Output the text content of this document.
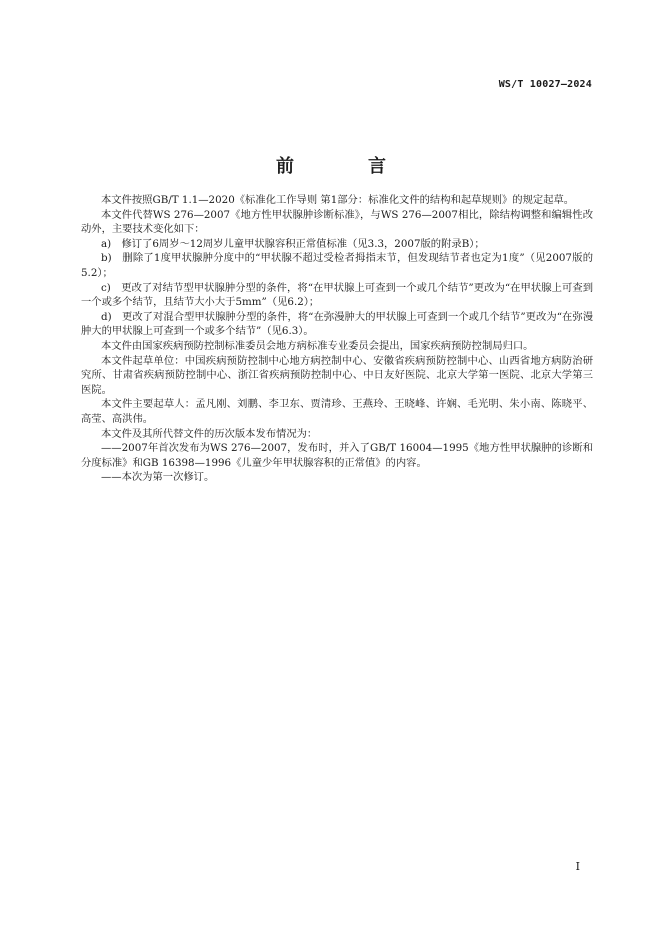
WS/T 10027—2024
前　言

本文件按照GB/T 1.1—2020《标准化工作导则 第1部分：标准化文件的结构和起草规则》的规定起草。

本文件代替WS 276—2007《地方性甲状腺肿诊断标准》，与WS 276—2007相比，除结构调整和编辑性改动外，主要技术变化如下：

a)　修订了6周岁～12周岁儿童甲状腺容积正常值标准（见3.3，2007版的附录B）；

b)　删除了1度甲状腺肿分度中的“甲状腺不超过受检者拇指末节，但发现结节者也定为1度”（见2007版的5.2）；

c)　更改了对结节型甲状腺肿分型的条件，将“在甲状腺上可查到一个或几个结节”更改为“在甲状腺上可查到一个或多个结节，且结节大小大于5mm”（见6.2）；

d)　更改了对混合型甲状腺肿分型的条件，将“在弥漫肿大的甲状腺上可查到一个或几个结节”更改为“在弥漫肿大的甲状腺上可查到一个或多个结节”（见6.3）。

本文件由国家疾病预防控制标准委员会地方病标准专业委员会提出，国家疾病预防控制局归口。

本文件起草单位：中国疾病预防控制中心地方病控制中心、安徽省疾病预防控制中心、山西省地方病防治研究所、甘肃省疾病预防控制中心、浙江省疾病预防控制中心、中日友好医院、北京大学第一医院、北京大学第三医院。

本文件主要起草人：孟凡刚、刘鹏、李卫东、贾清珍、王燕玲、王晓峰、许娴、毛光明、朱小南、陈晓平、高莹、高洪伟。

本文件及其所代替文件的历次版本发布情况为：

——2007年首次发布为WS 276—2007，发布时，并入了GB/T 16004—1995《地方性甲状腺肿的诊断和分度标准》和GB 16398—1996《儿童少年甲状腺容积的正常值》的内容。

——本次为第一次修订。

I
